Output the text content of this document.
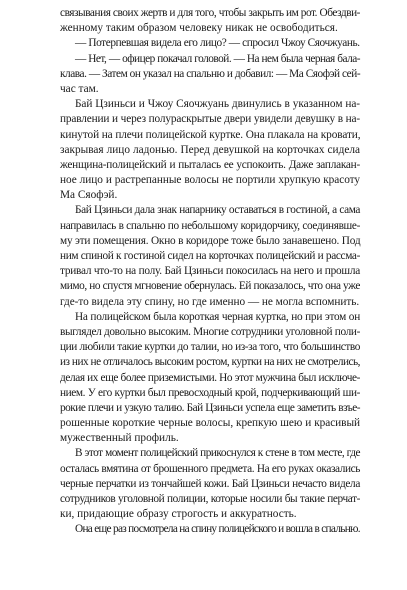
связывания своих жертв и для того, чтобы закрыть им рот. Обездви-
женному таким образом человеку никак не освободиться.
— Потерпевшая видела его лицо? — спросил Чжоу Сяочжуань.
— Нет, — офицер покачал головой. — На нем была черная бала-
клава. — Затем он указал на спальню и добавил: — Ма Сяофэй сей-
час там.
Бай Цзиньси и Чжоу Сяочжуань двинулись в указанном на-
правлении и через полураскрытые двери увидели девушку в на-
кинутой на плечи полицейской куртке. Она плакала на кровати,
закрывая лицо ладонью. Перед девушкой на корточках сидела
женщина-полицейский и пыталась ее успокоить. Даже заплакан-
ное лицо и растрепанные волосы не портили хрупкую красоту
Ма Сяофэй.
Бай Цзиньси дала знак напарнику оставаться в гостиной, а сама
направилась в спальню по небольшому коридорчику, соединявше-
му эти помещения. Окно в коридоре тоже было занавешено. Под
ним спиной к гостиной сидел на корточках полицейский и рассма-
тривал что-то на полу. Бай Цзиньси покосилась на него и прошла
мимо, но спустя мгновение обернулась. Ей показалось, что она уже
где-то видела эту спину, но где именно — не могла вспомнить.
На полицейском была короткая черная куртка, но при этом он
выглядел довольно высоким. Многие сотрудники уголовной поли-
ции любили такие куртки до талии, но из-за того, что большинство
из них не отличалось высоким ростом, куртки на них не смотрелись,
делая их еще более приземистыми. Но этот мужчина был исключе-
нием. У его куртки был превосходный крой, подчеркивающий ши-
рокие плечи и узкую талию. Бай Цзиньси успела еще заметить взъе-
рошенные короткие черные волосы, крепкую шею и красивый
мужественный профиль.
В этот момент полицейский прикоснулся к стене в том месте, где
осталась вмятина от брошенного предмета. На его руках оказались
черные перчатки из тончайшей кожи. Бай Цзиньси нечасто видела
сотрудников уголовной полиции, которые носили бы такие перчат-
ки, придающие образу строгость и аккуратность.
Она еще раз посмотрела на спину полицейского и вошла в спальню.
